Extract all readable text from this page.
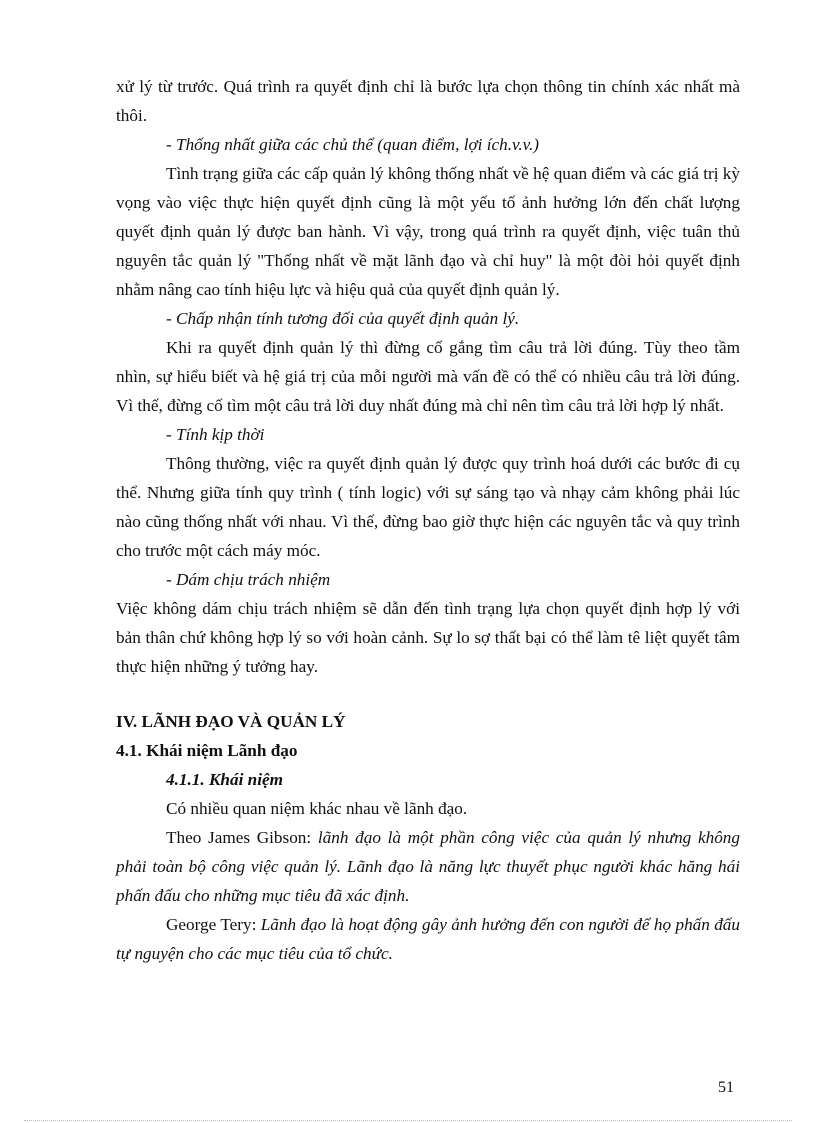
xử lý từ trước. Quá trình ra quyết định chỉ là bước lựa chọn thông tin chính xác nhất mà thôi.

- Thống nhất giữa các chủ thể (quan điểm, lợi ích.v.v.)

Tình trạng giữa các cấp quản lý không thống nhất về hệ quan điểm và các giá trị kỳ vọng vào việc thực hiện quyết định cũng là một yếu tố ảnh hưởng lớn đến chất lượng quyết định quản lý được ban hành. Vì vậy, trong quá trình ra quyết định, việc tuân thủ nguyên tắc quản lý "Thống nhất về mặt lãnh đạo và chỉ huy" là một đòi hỏi quyết định nhằm nâng cao tính hiệu lực và hiệu quả của quyết định quản lý.

- Chấp nhận tính tương đối của quyết định quản lý.

Khi ra quyết định quản lý thì đừng cố gắng tìm câu trả lời đúng. Tùy theo tầm nhìn, sự hiểu biết và hệ giá trị của mỗi người mà vấn đề có thể có nhiều câu trả lời đúng. Vì thế, đừng cố tìm một câu trả lời duy nhất đúng mà chỉ nên tìm câu trả lời hợp lý nhất.

- Tính kịp thời

Thông thường, việc ra quyết định quản lý được quy trình hoá dưới các bước đi cụ thể. Nhưng giữa tính quy trình ( tính logic) với sự sáng tạo và nhạy cảm không phải lúc nào cũng thống nhất với nhau. Vì thế, đừng bao giờ thực hiện các nguyên tắc và quy trình cho trước một cách máy móc.

- Dám chịu trách nhiệm

Việc không dám chịu trách nhiệm sẽ dẫn đến tình trạng lựa chọn quyết định hợp lý với bản thân chứ không hợp lý so với hoàn cảnh. Sự lo sợ thất bại có thể làm tê liệt quyết tâm thực hiện những ý tưởng hay.

IV. LÃNH ĐẠO VÀ QUẢN LÝ

4.1. Khái niệm Lãnh đạo

4.1.1. Khái niệm

Có nhiều quan niệm khác nhau về lãnh đạo.

Theo James Gibson: lãnh đạo là một phần công việc của quản lý nhưng không phải toàn bộ công việc quản lý. Lãnh đạo là năng lực thuyết phục người khác hăng hái phấn đấu cho những mục tiêu đã xác định.

George Tery: Lãnh đạo là hoạt động gây ảnh hưởng đến con người để họ phấn đấu tự nguyện cho các mục tiêu của tổ chức.

51
